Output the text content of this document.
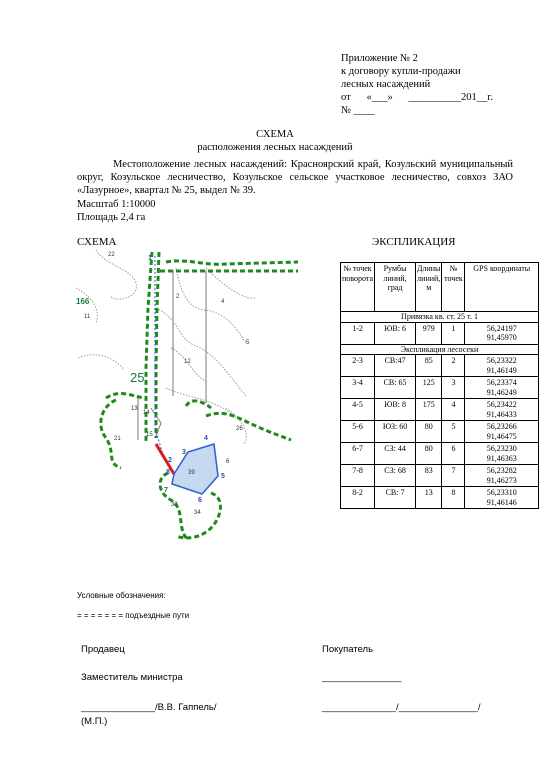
Приложение № 2
к договору купли-продажи
лесных насаждений
от      «___»      __________201__г.
№ ____
СХЕМА
расположения лесных насаждений
Местоположение лесных насаждений: Красноярский край, Козульский муниципальный округ, Козульское лесничество, Козульское сельское участковое лесничество, совхоз ЗАО «Лазурное», квартал № 25, выдел № 39.
Масштаб 1:10000
Площадь 2,4 га
СХЕМА	ЭКСПЛИКАЦИЯ
22
11
2
4
5
12
14
13
15
39
21
26
33
34
6
25
166
1
2
3
4
5
6
7
8
№ точек поворота	Румбы линий, град	Длины линий, м	№ точек	GPS координаты
Привязка кв. ст. 25 т. 1				
1-2	ЮВ: 6	979	1	56,24197
91,45970

Экспликация лесосеки				
2-3	СВ:47	85	2	56,23322
91,46149

3-4	СВ: 65	125	3	56,23374
91,46249

4-5	ЮВ: 8	175	4	56,23422
91,46433

5-6	ЮЗ: 60	80	5	56,23266
91,46475

6-7	СЗ: 44	80	6	56,23230
91,46363

7-8	СЗ: 68	83	7	56,23282
91,46273

8-2	СВ: 7	13	8	56,23310
91,46146
Условные обозначения:
= = = = = = = подъездные пути
Продавец	Покупатель
Заместитель министра	_______________
______________/В.В. Гаппель/	______________/_______________/
(М.П.)
